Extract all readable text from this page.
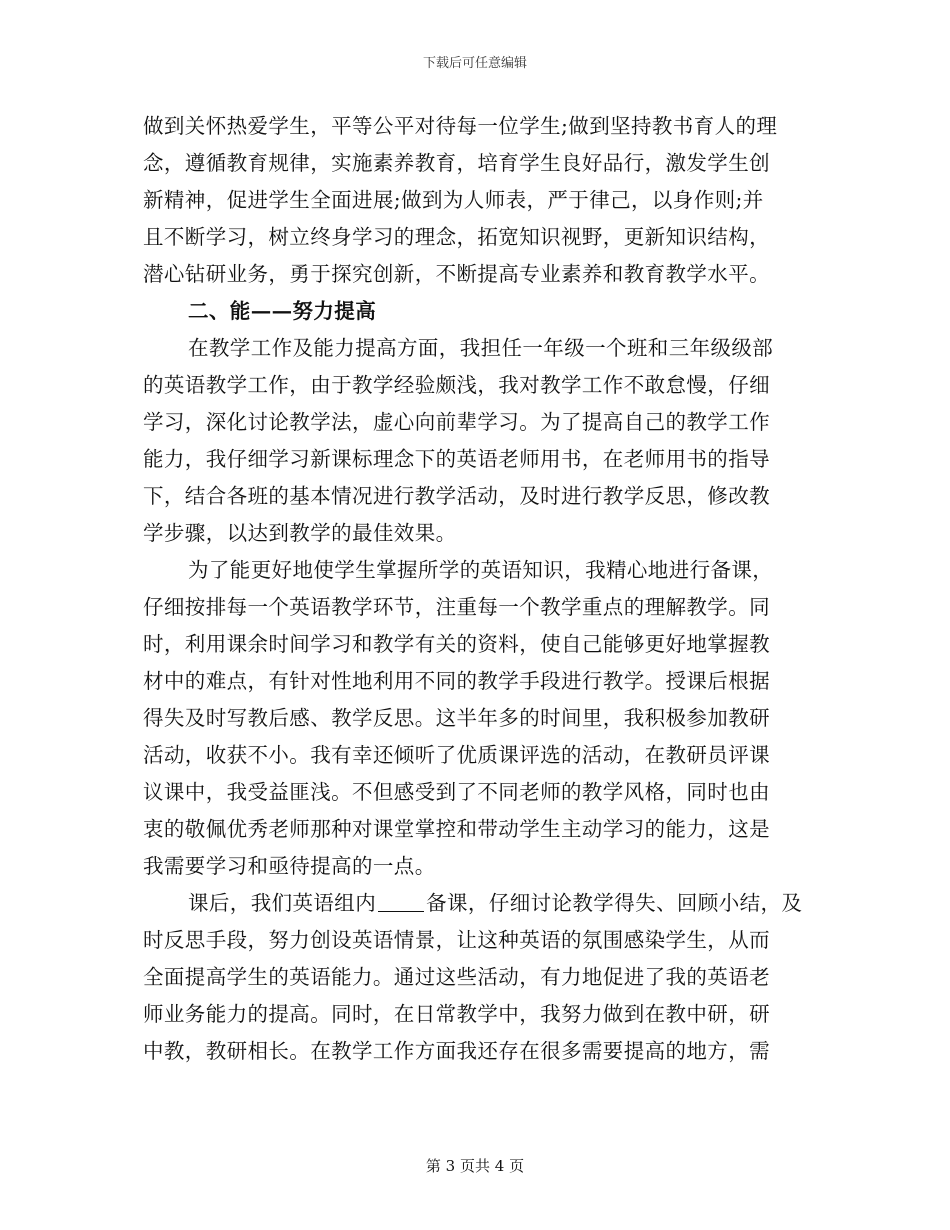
下载后可任意编辑
做到关怀热爱学生，平等公平对待每一位学生;做到坚持教书育人的理
念，遵循教育规律，实施素养教育，培育学生良好品行，激发学生创
新精神，促进学生全面进展;做到为人师表，严于律己，以身作则;并
且不断学习，树立终身学习的理念，拓宽知识视野，更新知识结构，
潜心钻研业务，勇于探究创新，不断提高专业素养和教育教学水平。
二、能——努力提高
在教学工作及能力提高方面，我担任一年级一个班和三年级级部
的英语教学工作，由于教学经验颇浅，我对教学工作不敢怠慢，仔细
学习，深化讨论教学法，虚心向前辈学习。为了提高自己的教学工作
能力，我仔细学习新课标理念下的英语老师用书，在老师用书的指导
下，结合各班的基本情况进行教学活动，及时进行教学反思，修改教
学步骤，以达到教学的最佳效果。
为了能更好地使学生掌握所学的英语知识，我精心地进行备课，
仔细按排每一个英语教学环节，注重每一个教学重点的理解教学。同
时，利用课余时间学习和教学有关的资料，使自己能够更好地掌握教
材中的难点，有针对性地利用不同的教学手段进行教学。授课后根据
得失及时写教后感、教学反思。这半年多的时间里，我积极参加教研
活动，收获不小。我有幸还倾听了优质课评选的活动，在教研员评课
议课中，我受益匪浅。不但感受到了不同老师的教学风格，同时也由
衷的敬佩优秀老师那种对课堂掌控和带动学生主动学习的能力，这是
我需要学习和亟待提高的一点。
课后，我们英语组内 备课，仔细讨论教学得失、回顾小结，及
时反思手段，努力创设英语情景，让这种英语的氛围感染学生，从而
全面提高学生的英语能力。通过这些活动，有力地促进了我的英语老
师业务能力的提高。同时，在日常教学中，我努力做到在教中研，研
中教，教研相长。在教学工作方面我还存在很多需要提高的地方，需
第 3 页共 4 页
